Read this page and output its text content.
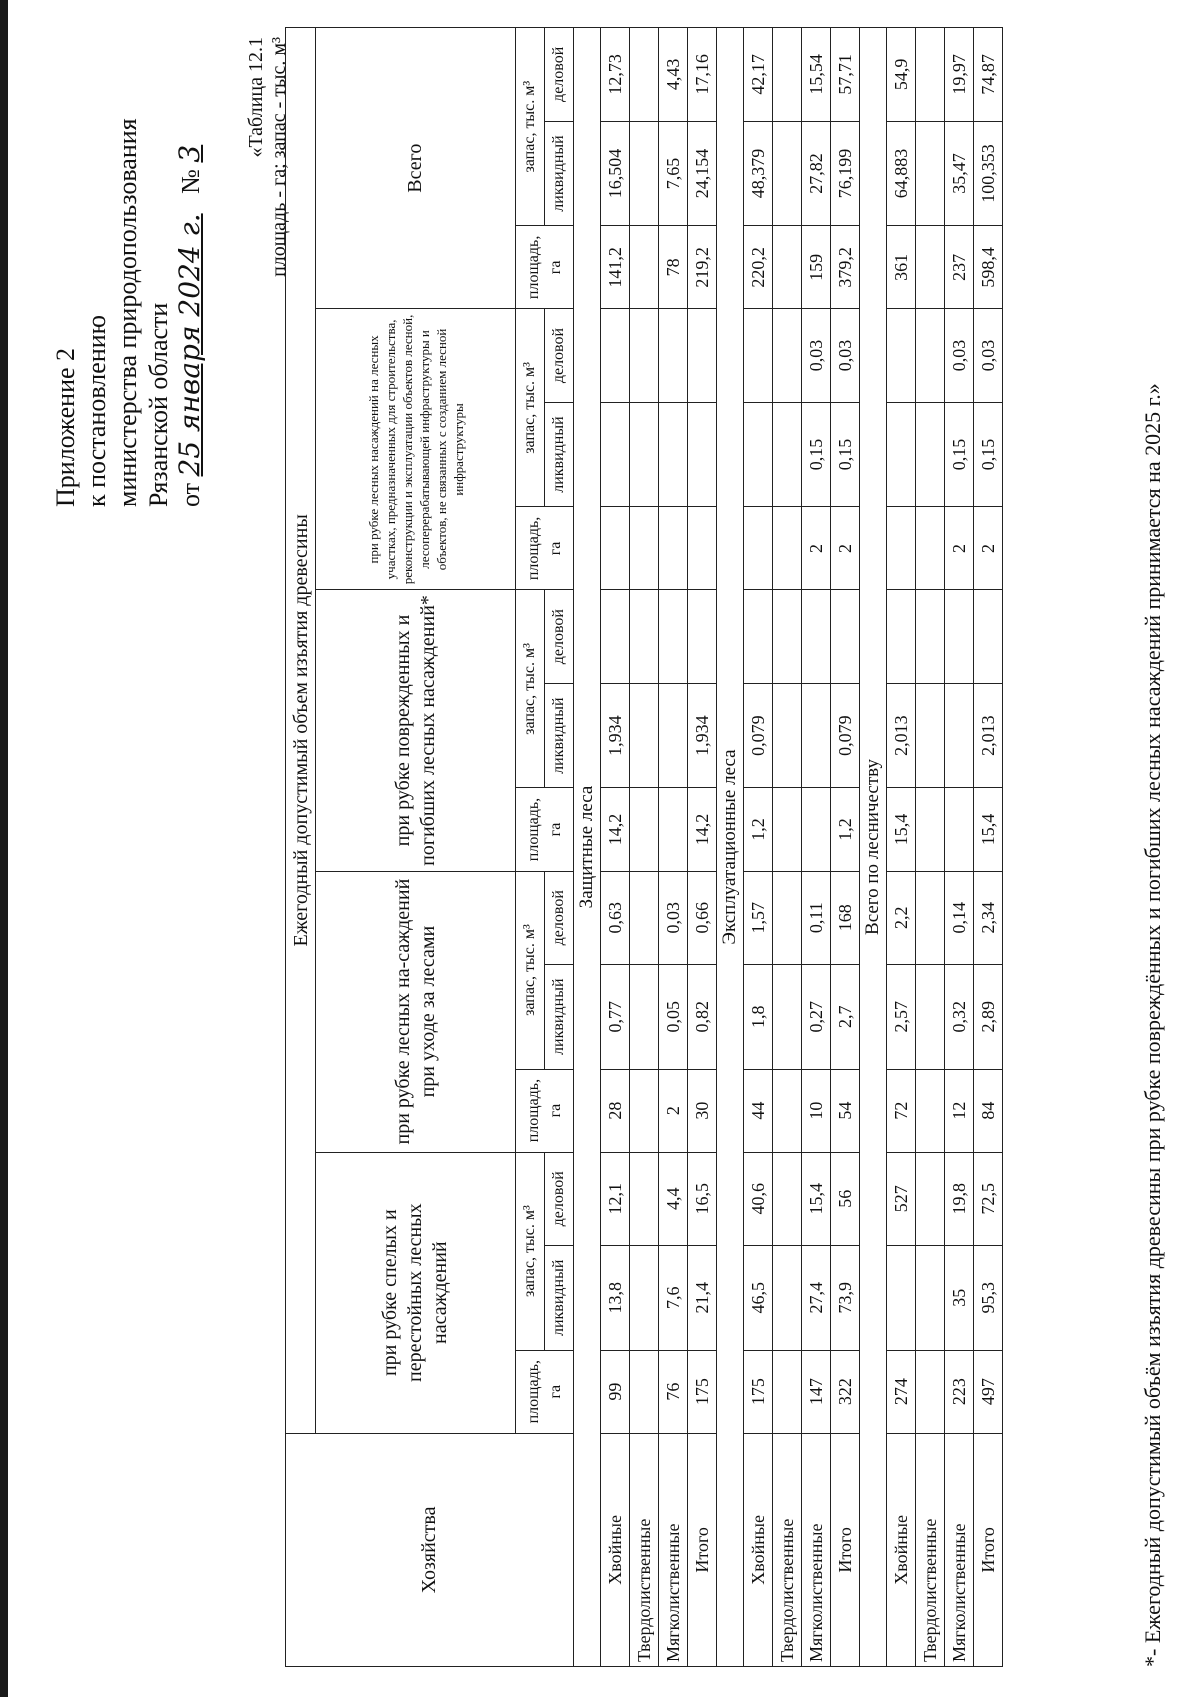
Приложение 2 к постановлению министерства природопользования Рязанской области от 25 января 2024 г.   № 3 «Таблица 12.1 площадь - га; запас - тыс. м³
Хозяйства	Ежегодный допустимый объем изъятия древесины														
	при рубке спелых и перестойных лесных насаждений			при рубке лесных на-саждений при уходе за лесами			при рубке поврежденных и погибших лесных насаждений*			при рубке лесных насаждений на лесных участках, предназначенных для строительства, реконструкции и эксплуатации объектов лесной, лесоперерабатывающей инфраструктуры и объектов, не связанных с созданием лесной инфраструктуры			Всего		
	площадь, га	запас, тыс. м³		площадь, га	запас, тыс. м³		площадь, га	запас, тыс. м³		площадь, га	запас, тыс. м³		площадь, га	запас, тыс. м³	
		ликвидный	деловой		ликвидный	деловой		ликвидный	деловой		ликвидный	деловой		ликвидный	деловой
Защитные леса															
Хвойные	99	13,8	12,1	28	0,77	0,63	14,2	1,934					141,2	16,504	12,73
Твердолиственные															
Мягколиственные	76	7,6	4,4	2	0,05	0,03							78	7,65	4,43
Итого	175	21,4	16,5	30	0,82	0,66	14,2	1,934					219,2	24,154	17,16
Эксплуатационные леса															
Хвойные	175	46,5	40,6	44	1,8	1,57	1,2	0,079					220,2	48,379	42,17
Твердолиственные															
Мягколиственные	147	27,4	15,4	10	0,27	0,11				2	0,15	0,03	159	27,82	15,54
Итого	322	73,9	56	54	2,7	168	1,2	0,079		2	0,15	0,03	379,2	76,199	57,71
Всего по лесничеству															
Хвойные	274		527	72	2,57	2,2	15,4	2,013					361	64,883	54,9
Твердолиственные															
Мягколиственные	223	35	19,8	12	0,32	0,14				2	0,15	0,03	237	35,47	19,97
Итого	497	95,3	72,5	84	2,89	2,34	15,4	2,013		2	0,15	0,03	598,4	100,353	74,87
*- Ежегодный допустимый объём изъятия древесины при рубке повреждённых и погибших лесных насаждений принимается на 2025 г.»
